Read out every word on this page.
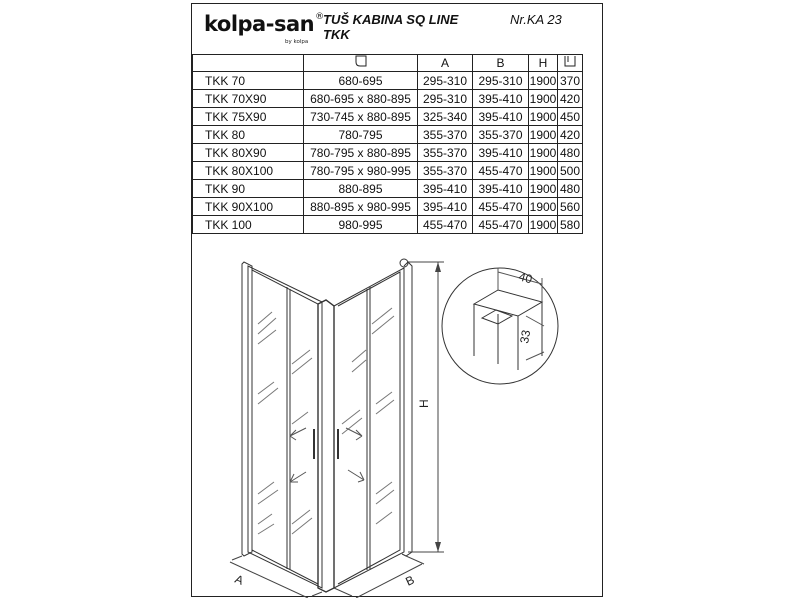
kolpa-san®
by kolpa
TUŠ KABINA SQ LINE
TKK
Nr.KA 23
		A	B	H	
TKK 70	680-695	295-310	295-310	1900	370
TKK 70X90	680-695 x 880-895	295-310	395-410	1900	420
TKK 75X90	730-745 x 880-895	325-340	395-410	1900	450
TKK 80	780-795	355-370	355-370	1900	420
TKK 80X90	780-795 x 880-895	355-370	395-410	1900	480
TKK 80X100	780-795 x 980-995	355-370	455-470	1900	500
TKK 90	880-895	395-410	395-410	1900	480
TKK 90X100	880-895 x 980-995	395-410	455-470	1900	560
TKK 100	980-995	455-470	455-470	1900	580
H
A	B
40
33
